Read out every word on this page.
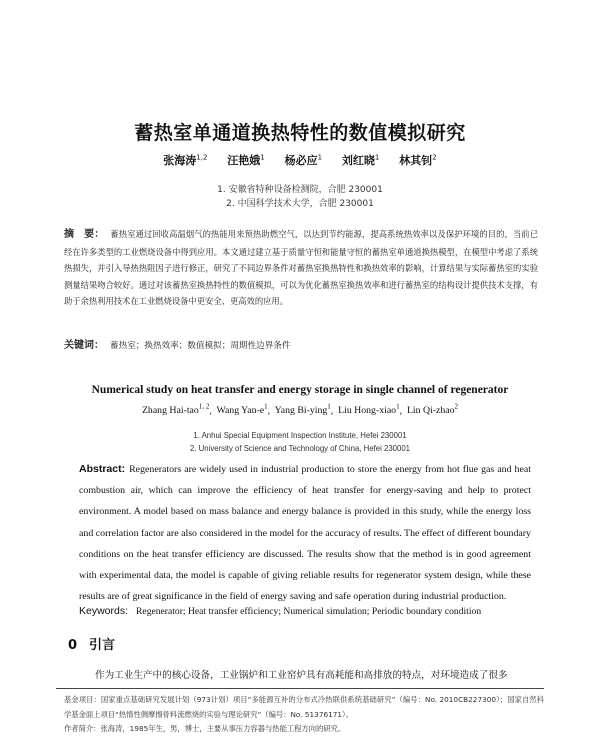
蓄热室单通道换热特性的数值模拟研究
张海涛$^{1,2}$ 汪艳娥$^1$ 杨必应$^1$ 刘红晓$^1$ 林其钊$^2$
1. 安徽省特种设备检测院，合肥 230001
2. 中国科学技术大学，合肥 230001
摘　要： 蓄热室通过回收高温烟气的热能用来预热助燃空气，以达到节约能源，提高系统热效率以及保护环境的目的，当前已经在许多类型的工业燃烧设备中得到应用。本文通过建立基于质量守恒和能量守恒的蓄热室单通道换热模型，在模型中考虑了系统热损失，并引入导热热阻因子进行修正，研究了不同边界条件对蓄热室换热特性和换热效率的影响，计算结果与实际蓄热室的实验测量结果吻合较好。通过对该蓄热室换热特性的数值模拟，可以为优化蓄热室换热效率和进行蓄热室的结构设计提供技术支撑，有助于余热利用技术在工业燃烧设备中更安全、更高效的应用。
关键词： 蓄热室；换热效率；数值模拟；周期性边界条件
Numerical study on heat transfer and energy storage in single channel of regenerator
Zhang Hai-tao$^{1, 2}$,  Wang Yan-$e^1$,  Yang Bi-ying$^1$,  Liu Hong-xiao$^1$,  Lin Qi-zhao$^2$
1. Anhui Special Equipment Inspection Institute, Hefei 230001
2. University of Science and Technology of China, Hefei 230001
Abstract: Regenerators are widely used in industrial production to store the energy from hot flue gas and heat combustion air, which can improve the efficiency of heat transfer for energy-saving and help to protect environment. A model based on mass balance and energy balance is provided in this study, while the energy loss and correlation factor are also considered in the model for the accuracy of results. The effect of different boundary conditions on the heat transfer efficiency are discussed. The results show that the method is in good agreement with experimental data, the model is capable of giving reliable results for regenerator system design, while these results are of great significance in the field of energy saving and safe operation during industrial production.
Keywords: Regenerator; Heat transfer efficiency; Numerical simulation; Periodic boundary condition
0 引言
作为工业生产中的核心设备，工业锅炉和工业窑炉具有高耗能和高排放的特点，对环境造成了很多
基金项目：国家重点基础研究发展计划（973计划）项目“多能源互补的分布式冷热联供系统基础研究”（编号：No. 2010CB227300）；国家自然科学基金面上项目“热惰性侧摩擦骨料流燃烧的实验与理论研究”（编号：No. 51376171）。
作者简介：张海涛，1985年生，男，博士，主要从事压力容器与热能工程方向的研究。
